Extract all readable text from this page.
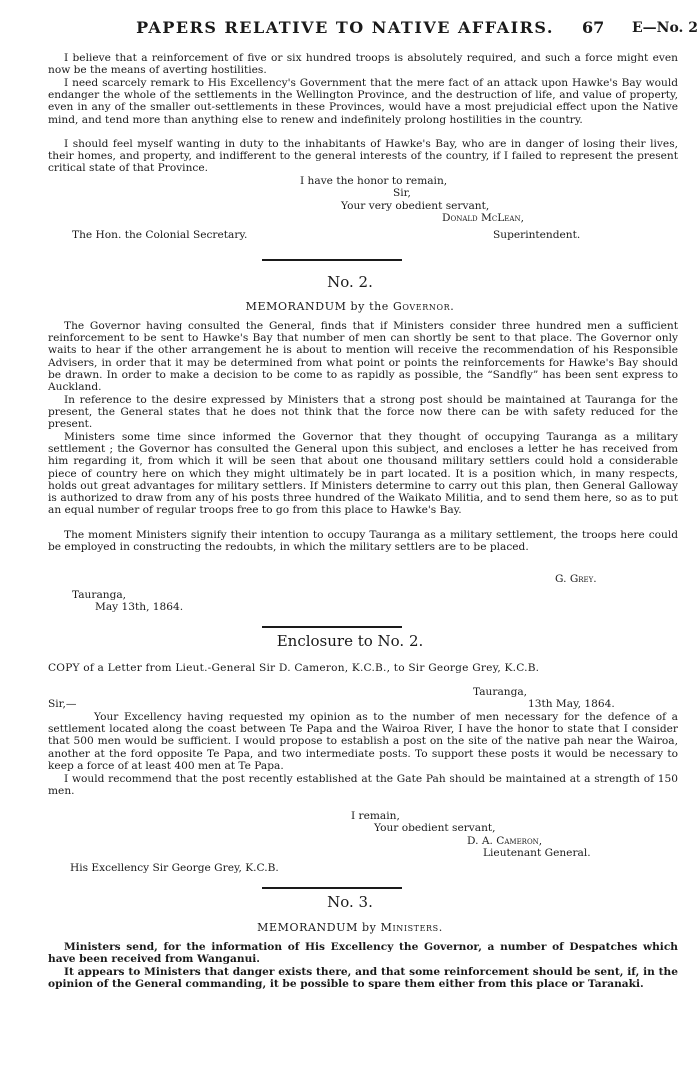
PAPERS RELATIVE TO NATIVE AFFAIRS.	67 E—No. 2

I believe that a reinforcement of five or six hundred troops is absolutely required, and such a force might even now be the means of averting hostilities.

I need scarcely remark to His Excellency's Government that the mere fact of an attack upon Hawke's Bay would endanger the whole of the settlements in the Wellington Province, and the destruction of life, and value of property, even in any of the smaller out-settlements in these Provinces, would have a most prejudicial effect upon the Native mind, and tend more than anything else to renew and indefinitely prolong hostilities in the country.

I should feel myself wanting in duty to the inhabitants of Hawke's Bay, who are in danger of losing their lives, their homes, and property, and indifferent to the general interests of the country, if I failed to represent the present critical state of that Province.

I have the honor to remain,
Sir,
Your very obedient servant,
Donald McLean,
The Hon. the Colonial Secretary.	Superintendent.
No. 2.
MEMORANDUM by the Governor.

The Governor having consulted the General, finds that if Ministers consider three hundred men a sufficient reinforcement to be sent to Hawke's Bay that number of men can shortly be sent to that place. The Governor only waits to hear if the other arrangement he is about to mention will receive the recommendation of his Responsible Advisers, in order that it may be determined from what point or points the reinforcements for Hawke's Bay should be drawn. In order to make a decision to be come to as rapidly as possible, the “Sandfly” has been sent express to Auckland.

In reference to the desire expressed by Ministers that a strong post should be maintained at Tauranga for the present, the General states that he does not think that the force now there can be with safety reduced for the present.

Ministers some time since informed the Governor that they thought of occupying Tauranga as a military settlement ; the Governor has consulted the General upon this subject, and encloses a letter he has received from him regarding it, from which it will be seen that about one thousand military settlers could hold a considerable piece of country here on which they might ultimately be in part located. It is a position which, in many respects, holds out great advantages for military settlers. If Ministers determine to carry out this plan, then General Galloway is authorized to draw from any of his posts three hundred of the Waikato Militia, and to send them here, so as to put an equal number of regular troops free to go from this place to Hawke's Bay.

The moment Ministers signify their intention to occupy Tauranga as a military settlement, the troops here could be employed in constructing the redoubts, in which the military settlers are to be placed.

G. Grey.
Tauranga,
May 13th, 1864.
Enclosure to No. 2.
COPY of a Letter from Lieut.-General Sir D. Cameron, K.C.B., to Sir George Grey, K.C.B.
Tauranga,
Sir,—	13th May, 1864.

Your Excellency having requested my opinion as to the number of men necessary for the defence of a settlement located along the coast between Te Papa and the Wairoa River, I have the honor to state that I consider that 500 men would be sufficient. I would propose to establish a post on the site of the native pah near the Wairoa, another at the ford opposite Te Papa, and two intermediate posts. To support these posts it would be necessary to keep a force of at least 400 men at Te Papa.

I would recommend that the post recently established at the Gate Pah should be maintained at a strength of 150 men.

I remain,
Your obedient servant,
D. A. Cameron,
Lieutenant General.
His Excellency Sir George Grey, K.C.B.
No. 3.
MEMORANDUM by Ministers.

Ministers send, for the information of His Excellency the Governor, a number of Despatches which have been received from Wanganui.

It appears to Ministers that danger exists there, and that some reinforcement should be sent, if, in the opinion of the General commanding, it be possible to spare them either from this place or Taranaki.
